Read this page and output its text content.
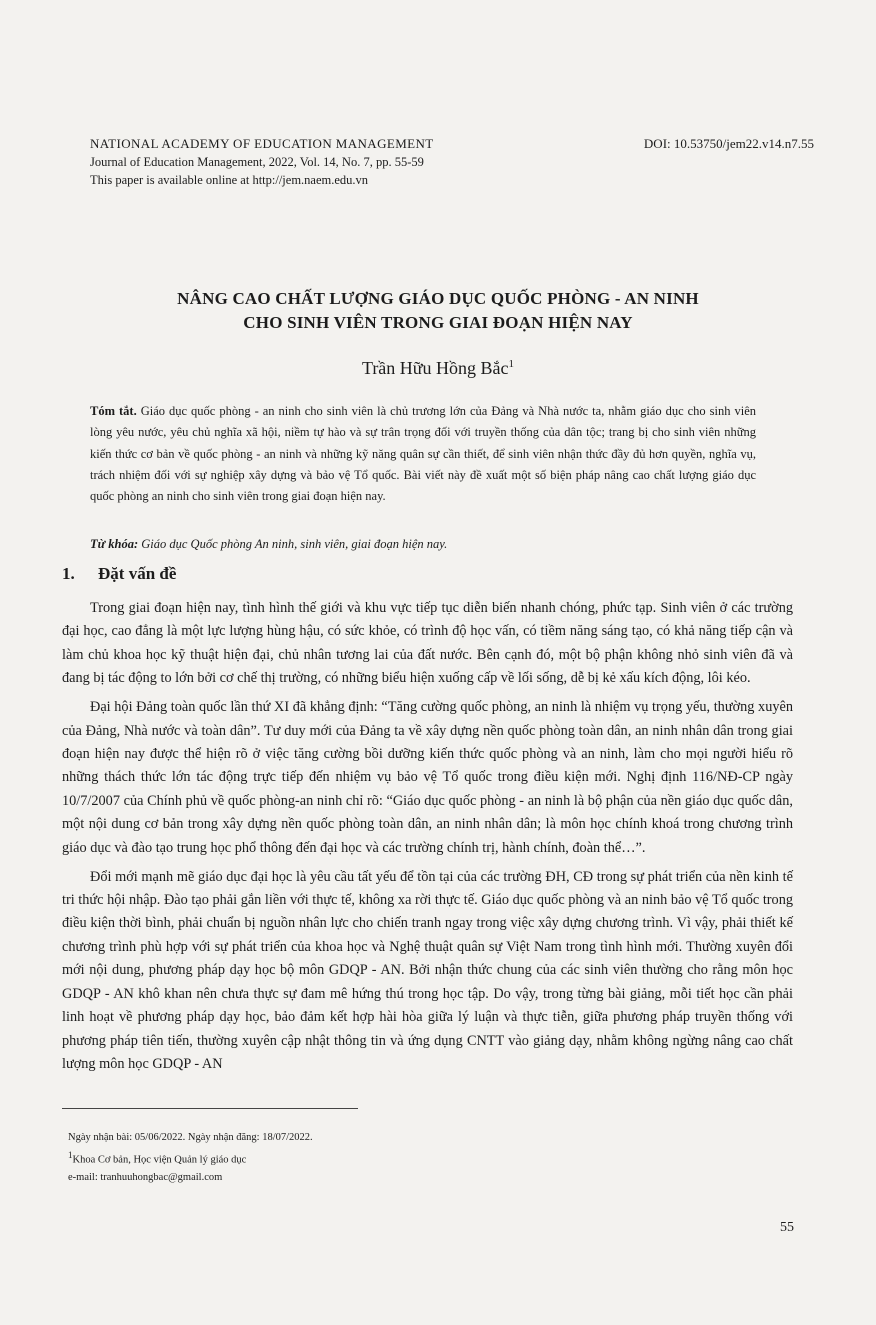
NATIONAL ACADEMY OF EDUCATION MANAGEMENT
Journal of Education Management, 2022, Vol. 14, No. 7, pp. 55-59
This paper is available online at http://jem.naem.edu.vn
DOI: 10.53750/jem22.v14.n7.55
NÂNG CAO CHẤT LƯỢNG GIÁO DỤC QUỐC PHÒNG - AN NINH
CHO SINH VIÊN TRONG GIAI ĐOẠN HIỆN NAY
Trần Hữu Hồng Bắc$^1$
Tóm tắt. Giáo dục quốc phòng - an ninh cho sinh viên là chủ trương lớn của Đảng và Nhà nước ta, nhằm giáo dục cho sinh viên lòng yêu nước, yêu chủ nghĩa xã hội, niềm tự hào và sự trân trọng đối với truyền thống của dân tộc; trang bị cho sinh viên những kiến thức cơ bản về quốc phòng - an ninh và những kỹ năng quân sự cần thiết, để sinh viên nhận thức đầy đủ hơn quyền, nghĩa vụ, trách nhiệm đối với sự nghiệp xây dựng và bảo vệ Tổ quốc. Bài viết này đề xuất một số biện pháp nâng cao chất lượng giáo dục quốc phòng an ninh cho sinh viên trong giai đoạn hiện nay.
Từ khóa: Giáo dục Quốc phòng An ninh, sinh viên, giai đoạn hiện nay.
1. Đặt vấn đề

Trong giai đoạn hiện nay, tình hình thế giới và khu vực tiếp tục diễn biến nhanh chóng, phức tạp. Sinh viên ở các trường đại học, cao đẳng là một lực lượng hùng hậu, có sức khỏe, có trình độ học vấn, có tiềm năng sáng tạo, có khả năng tiếp cận và làm chủ khoa học kỹ thuật hiện đại, chủ nhân tương lai của đất nước. Bên cạnh đó, một bộ phận không nhỏ sinh viên đã và đang bị tác động to lớn bởi cơ chế thị trường, có những biểu hiện xuống cấp về lối sống, dễ bị kẻ xấu kích động, lôi kéo.

Đại hội Đảng toàn quốc lần thứ XI đã khẳng định: “Tăng cường quốc phòng, an ninh là nhiệm vụ trọng yếu, thường xuyên của Đảng, Nhà nước và toàn dân”. Tư duy mới của Đảng ta về xây dựng nền quốc phòng toàn dân, an ninh nhân dân trong giai đoạn hiện nay được thể hiện rõ ở việc tăng cường bồi dưỡng kiến thức quốc phòng và an ninh, làm cho mọi người hiểu rõ những thách thức lớn tác động trực tiếp đến nhiệm vụ bảo vệ Tổ quốc trong điều kiện mới. Nghị định 116/NĐ-CP ngày 10/7/2007 của Chính phủ về quốc phòng-an ninh chỉ rõ: “Giáo dục quốc phòng - an ninh là bộ phận của nền giáo dục quốc dân, một nội dung cơ bản trong xây dựng nền quốc phòng toàn dân, an ninh nhân dân; là môn học chính khoá trong chương trình giáo dục và đào tạo trung học phổ thông đến đại học và các trường chính trị, hành chính, đoàn thể…”.

Đổi mới mạnh mẽ giáo dục đại học là yêu cầu tất yếu để tồn tại của các trường ĐH, CĐ trong sự phát triển của nền kinh tế tri thức hội nhập. Đào tạo phải gắn liền với thực tế, không xa rời thực tế. Giáo dục quốc phòng và an ninh bảo vệ Tổ quốc trong điều kiện thời bình, phải chuẩn bị nguồn nhân lực cho chiến tranh ngay trong việc xây dựng chương trình. Vì vậy, phải thiết kế chương trình phù hợp với sự phát triển của khoa học và Nghệ thuật quân sự Việt Nam trong tình hình mới. Thường xuyên đổi mới nội dung, phương pháp dạy học bộ môn GDQP - AN. Bởi nhận thức chung của các sinh viên thường cho rằng môn học GDQP - AN khô khan nên chưa thực sự đam mê hứng thú trong học tập. Do vậy, trong từng bài giảng, mỗi tiết học cần phải linh hoạt về phương pháp dạy học, bảo đảm kết hợp hài hòa giữa lý luận và thực tiễn, giữa phương pháp truyền thống với phương pháp tiên tiến, thường xuyên cập nhật thông tin và ứng dụng CNTT vào giảng dạy, nhằm không ngừng nâng cao chất lượng môn học GDQP - AN

Ngày nhận bài: 05/06/2022. Ngày nhận đăng: 18/07/2022.
$^1$Khoa Cơ bản, Học viện Quản lý giáo dục
e-mail: tranhuuhongbac@gmail.com
55
